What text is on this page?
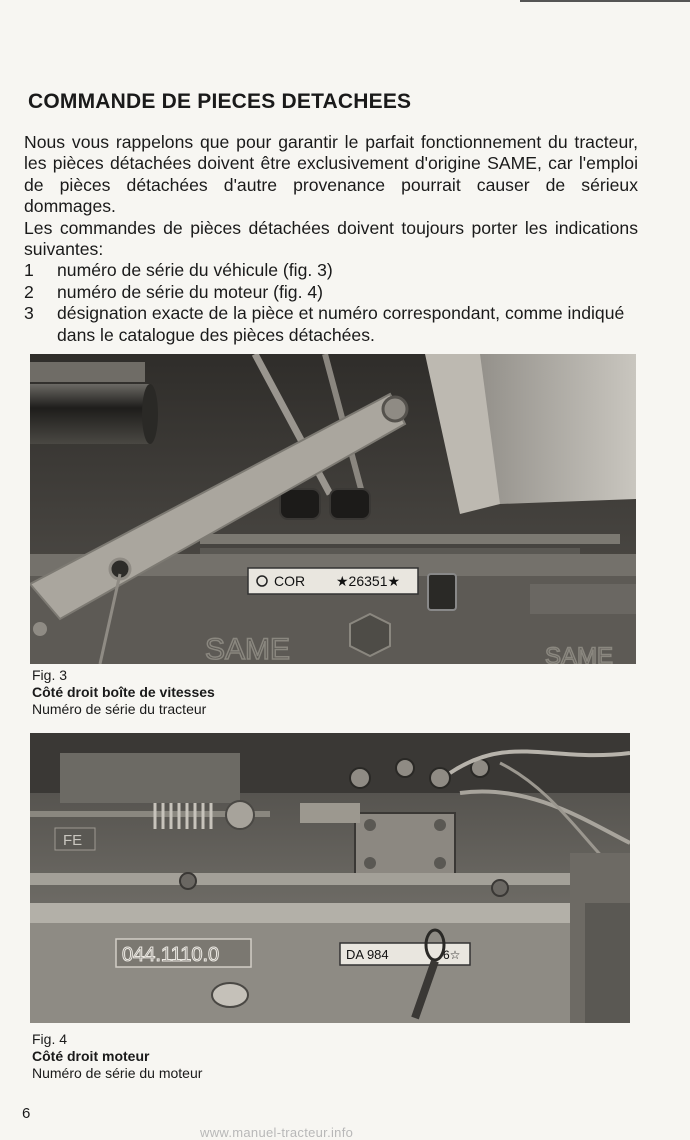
COMMANDE DE PIECES DETACHEES

Nous vous rappelons que pour garantir le parfait fonctionnement du tracteur, les pièces détachées doivent être exclusivement d'origine SAME, car l'emploi de pièces détachées d'autre provenance pourrait causer de sérieux dommages.

Les commandes de pièces détachées doivent toujours porter les indications suivantes:

1	numéro de série du véhicule (fig. 3)
2	numéro de série du moteur (fig. 4)
3	désignation exacte de la pièce et numéro correspondant, comme indiqué dans le catalogue des pièces détachées.
COR ★26351★
SAME	SAME
Fig. 3
Côté droit boîte de vitesses
Numéro de série du tracteur
FE
044.1110.0	DA 984	6☆
Fig. 4
Côté droit moteur
Numéro de série du moteur
6
www.manuel-tracteur.info
